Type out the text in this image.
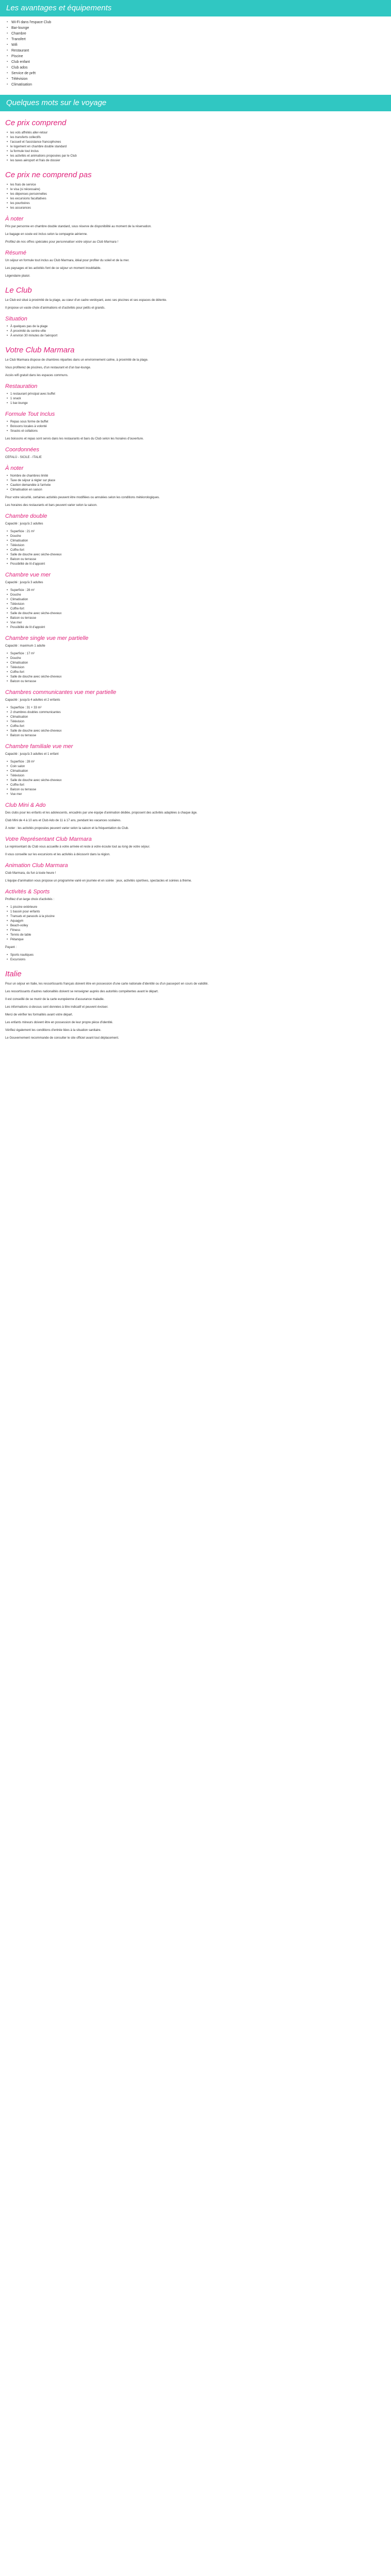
Les avantages et équipements
▪ Wi-Fi dans l'espace Club
▪ Bar-lounge
▪ Chambre
▪ Transfert
▪ Wifi
▪ Restaurant
▪ Piscine
▪ Club enfant
▪ Club ados
▪ Service de prêt
▪ Télévision
▪ Climatisation
Quelques mots sur le voyage
Ce prix comprend
• les vols affrétés aller-retour
• les transferts collectifs
• l'accueil et l'assistance francophones
• le logement en chambre double standard
• la formule tout inclus
• les activités et animations proposées par le Club
• les taxes aéroport et frais de dossier
Ce prix ne comprend pas
• les frais de service
• le visa (si nécessaire)
• les dépenses personnelles
• les excursions facultatives
• les pourboires
• les assurances
À noter

Prix par personne en chambre double standard, sous réserve de disponibilité au moment de la réservation.

Le bagage en soute est inclus selon la compagnie aérienne.

Profitez de nos offres spéciales pour personnaliser votre séjour au Club Marmara !

Résumé

Un séjour en formule tout inclus au Club Marmara, idéal pour profiter du soleil et de la mer.

Les paysages et les activités font de ce séjour un moment inoubliable.

Légendaire plaisir.

Le Club

Le Club est situé à proximité de la plage, au cœur d'un cadre verdoyant, avec ses piscines et ses espaces de détente.

Il propose un vaste choix d'animations et d'activités pour petits et grands.

Situation
• À quelques pas de la plage
• À proximité du centre-ville
• À environ 30 minutes de l'aéroport
Votre Club Marmara

Le Club Marmara dispose de chambres réparties dans un environnement calme, à proximité de la plage.

Vous profiterez de piscines, d'un restaurant et d'un bar-lounge.

Accès wifi gratuit dans les espaces communs.

Restauration
• 1 restaurant principal avec buffet
• 1 snack
• 1 bar-lounge
Formule Tout Inclus
• Repas sous forme de buffet
• Boissons locales à volonté
• Snacks et collations

Les boissons et repas sont servis dans les restaurants et bars du Club selon les horaires d'ouverture.

Coordonnées

CEFALÙ - SICILE - ITALIE

À noter
• Nombre de chambres limité
• Taxe de séjour à régler sur place
• Caution demandée à l'arrivée
• Climatisation en saison

Pour votre sécurité, certaines activités peuvent être modifiées ou annulées selon les conditions météorologiques.

Les horaires des restaurants et bars peuvent varier selon la saison.

Chambre double

Capacité : jusqu'à 2 adultes

• Superficie : 21 m²
• Douche
• Climatisation
• Télévision
• Coffre-fort
• Salle de douche avec sèche-cheveux
• Balcon ou terrasse
• Possibilité de lit d'appoint
Chambre vue mer

Capacité : jusqu'à 3 adultes

• Superficie : 28 m²
• Douche
• Climatisation
• Télévision
• Coffre-fort
• Salle de douche avec sèche-cheveux
• Balcon ou terrasse
• Vue mer
• Possibilité de lit d'appoint
Chambre single vue mer partielle

Capacité : maximum 1 adulte

• Superficie : 17 m²
• Douche
• Climatisation
• Télévision
• Coffre-fort
• Salle de douche avec sèche-cheveux
• Balcon ou terrasse
Chambres communicantes vue mer partielle

Capacité : jusqu'à 4 adultes et 2 enfants

• Superficie : 31 + 33 m²
• 2 chambres doubles communicantes
• Climatisation
• Télévision
• Coffre-fort
• Salle de douche avec sèche-cheveux
• Balcon ou terrasse
Chambre familiale vue mer

Capacité : jusqu'à 3 adultes et 1 enfant

• Superficie : 28 m²
• Coin salon
• Climatisation
• Télévision
• Salle de douche avec sèche-cheveux
• Coffre-fort
• Balcon ou terrasse
• Vue mer
Club Mini & Ado

Des clubs pour les enfants et les adolescents, encadrés par une équipe d'animation dédiée, proposent des activités adaptées à chaque âge.

Club Mini de 4 à 10 ans et Club Ado de 11 à 17 ans, pendant les vacances scolaires.

À noter : les activités proposées peuvent varier selon la saison et la fréquentation du Club.

Votre Représentant Club Marmara

Le représentant du Club vous accueille à votre arrivée et reste à votre écoute tout au long de votre séjour.

Il vous conseille sur les excursions et les activités à découvrir dans la région.

Animation Club Marmara

Club Marmara, du fun à toute heure !

L'équipe d'animation vous propose un programme varié en journée et en soirée : jeux, activités sportives, spectacles et soirées à thème.

Activités & Sports

Profitez d'un large choix d'activités :

• 1 piscine extérieure
• 1 bassin pour enfants
• Transats et parasols à la piscine
• Aquagym
• Beach-volley
• Fitness
• Tennis de table
• Pétanque

Payant :

• Sports nautiques
• Excursions
Italie

Pour un séjour en Italie, les ressortissants français doivent être en possession d'une carte nationale d'identité ou d'un passeport en cours de validité.

Les ressortissants d'autres nationalités doivent se renseigner auprès des autorités compétentes avant le départ.

Il est conseillé de se munir de la carte européenne d'assurance maladie.

Les informations ci-dessus sont données à titre indicatif et peuvent évoluer.

Merci de vérifier les formalités avant votre départ.

Les enfants mineurs doivent être en possession de leur propre pièce d'identité.

Vérifiez également les conditions d'entrée liées à la situation sanitaire.

Le Gouvernement recommande de consulter le site officiel avant tout déplacement.
